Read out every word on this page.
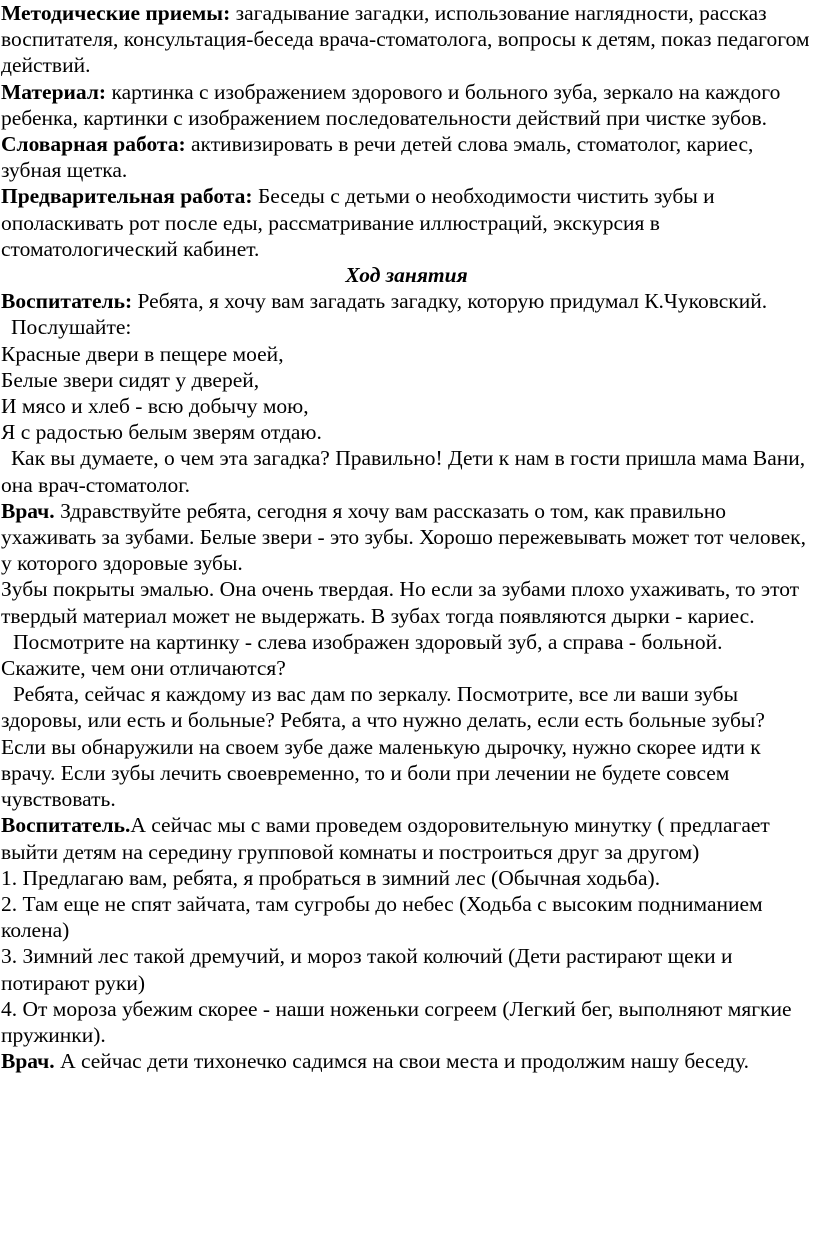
Методические приемы: загадывание загадки, использование наглядности, рассказ воспитателя, консультация-беседа врача-стоматолога, вопросы к детям, показ педагогом действий.

Материал: картинка с изображением здорового и больного зуба, зеркало на каждого ребенка, картинки с изображением последовательности действий при чистке зубов.

Словарная работа: активизировать в речи детей слова эмаль, стоматолог, кариес, зубная щетка.

Предварительная работа: Беседы с детьми о необходимости чистить зубы и ополаскивать рот после еды, рассматривание иллюстраций, экскурсия в стоматологический кабинет.

Ход занятия

Воспитатель: Ребята, я хочу вам загадать загадку, которую придумал К.Чуковский.

Послушайте:

Красные двери в пещере моей,

Белые звери сидят у дверей,

И мясо и хлеб - всю добычу мою,

Я с радостью белым зверям отдаю.

Как вы думаете, о чем эта загадка? Правильно! Дети к нам в гости пришла мама Вани, она врач-стоматолог.

Врач. Здравствуйте ребята, сегодня я хочу вам рассказать о том, как правильно ухаживать за зубами. Белые звери - это зубы. Хорошо пережевывать может тот человек, у которого здоровые зубы.

Зубы покрыты эмалью. Она очень твердая. Но если за зубами плохо ухаживать, то этот твердый материал может не выдержать. В зубах тогда появляются дырки - кариес.

Посмотрите на картинку - слева изображен здоровый зуб, а справа - больной. Скажите, чем они отличаются?

Ребята, сейчас я каждому из вас дам по зеркалу. Посмотрите, все ли ваши зубы здоровы, или есть и больные? Ребята, а что нужно делать, если есть больные зубы? Если вы обнаружили на своем зубе даже маленькую дырочку, нужно скорее идти к врачу. Если зубы лечить своевременно, то и боли при лечении не будете совсем чувствовать.

Воспитатель.А сейчас мы с вами проведем оздоровительную минутку ( предлагает выйти детям на середину групповой комнаты и построиться друг за другом)

1. Предлагаю вам, ребята, я пробраться в зимний лес (Обычная ходьба).

2. Там еще не спят зайчата, там сугробы до небес (Ходьба с высоким подниманием колена)

3. Зимний лес такой дремучий, и мороз такой колючий (Дети растирают щеки и потирают руки)

4. От мороза убежим скорее - наши ноженьки согреем (Легкий бег, выполняют мягкие пружинки).

Врач. А сейчас дети тихонечко садимся на свои места и продолжим нашу беседу.
